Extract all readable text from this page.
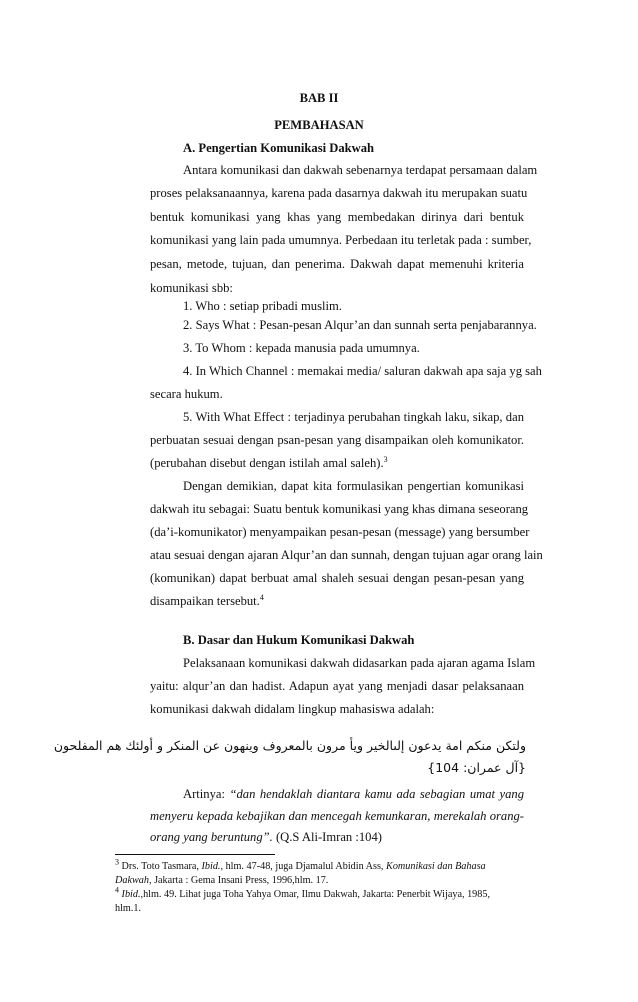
BAB II
PEMBAHASAN
A. Pengertian Komunikasi Dakwah
Antara komunikasi dan dakwah sebenarnya terdapat persamaan dalam
proses pelaksanaannya, karena pada dasarnya dakwah itu merupakan suatu
bentuk komunikasi yang khas yang membedakan dirinya dari bentuk
komunikasi yang lain pada umumnya. Perbedaan itu terletak pada : sumber,
pesan, metode, tujuan, dan penerima. Dakwah dapat memenuhi kriteria
komunikasi sbb:
1. Who : setiap pribadi muslim.
2. Says What : Pesan-pesan Alqur’an dan sunnah serta penjabarannya.
3. To Whom : kepada manusia pada umumnya.
4. In Which Channel : memakai media/ saluran dakwah apa saja yg sah
secara hukum.
5. With What Effect : terjadinya perubahan tingkah laku, sikap, dan
perbuatan sesuai dengan psan-pesan yang disampaikan oleh komunikator.
(perubahan disebut dengan istilah amal saleh).$^3$
Dengan demikian, dapat kita formulasikan pengertian komunikasi
dakwah itu sebagai: Suatu bentuk komunikasi yang khas dimana seseorang
(da’i-komunikator) menyampaikan pesan-pesan (message) yang bersumber
atau sesuai dengan ajaran Alqur’an dan sunnah, dengan tujuan agar orang lain
(komunikan) dapat berbuat amal shaleh sesuai dengan pesan-pesan yang
disampaikan tersebut.$^4$
B. Dasar dan Hukum Komunikasi Dakwah
Pelaksanaan komunikasi dakwah didasarkan pada ajaran agama Islam
yaitu: alqur’an dan hadist. Adapun ayat yang menjadi dasar pelaksanaan
komunikasi dakwah didalam lingkup mahasiswa adalah:
ولتكن منكم امة يدعون إلىالخير ويأ مرون بالمعروف وينهون عن المنكر و أولئك هم المفلحون
{آل عمران: 104}
Artinya: “dan hendaklah diantara kamu ada sebagian umat yang
menyeru kepada kebajikan dan mencegah kemunkaran, merekalah orang-
orang yang beruntung”. (Q.S Ali-Imran :104)
$^3$ Drs. Toto Tasmara, Ibid., hlm. 47-48, juga Djamalul Abidin Ass, Komunikasi dan Bahasa
Dakwah, Jakarta : Gema Insani Press, 1996,hlm. 17.
$^4$ Ibid.,hlm. 49. Lihat juga Toha Yahya Omar, Ilmu Dakwah, Jakarta: Penerbit Wijaya, 1985,
hlm.1.
